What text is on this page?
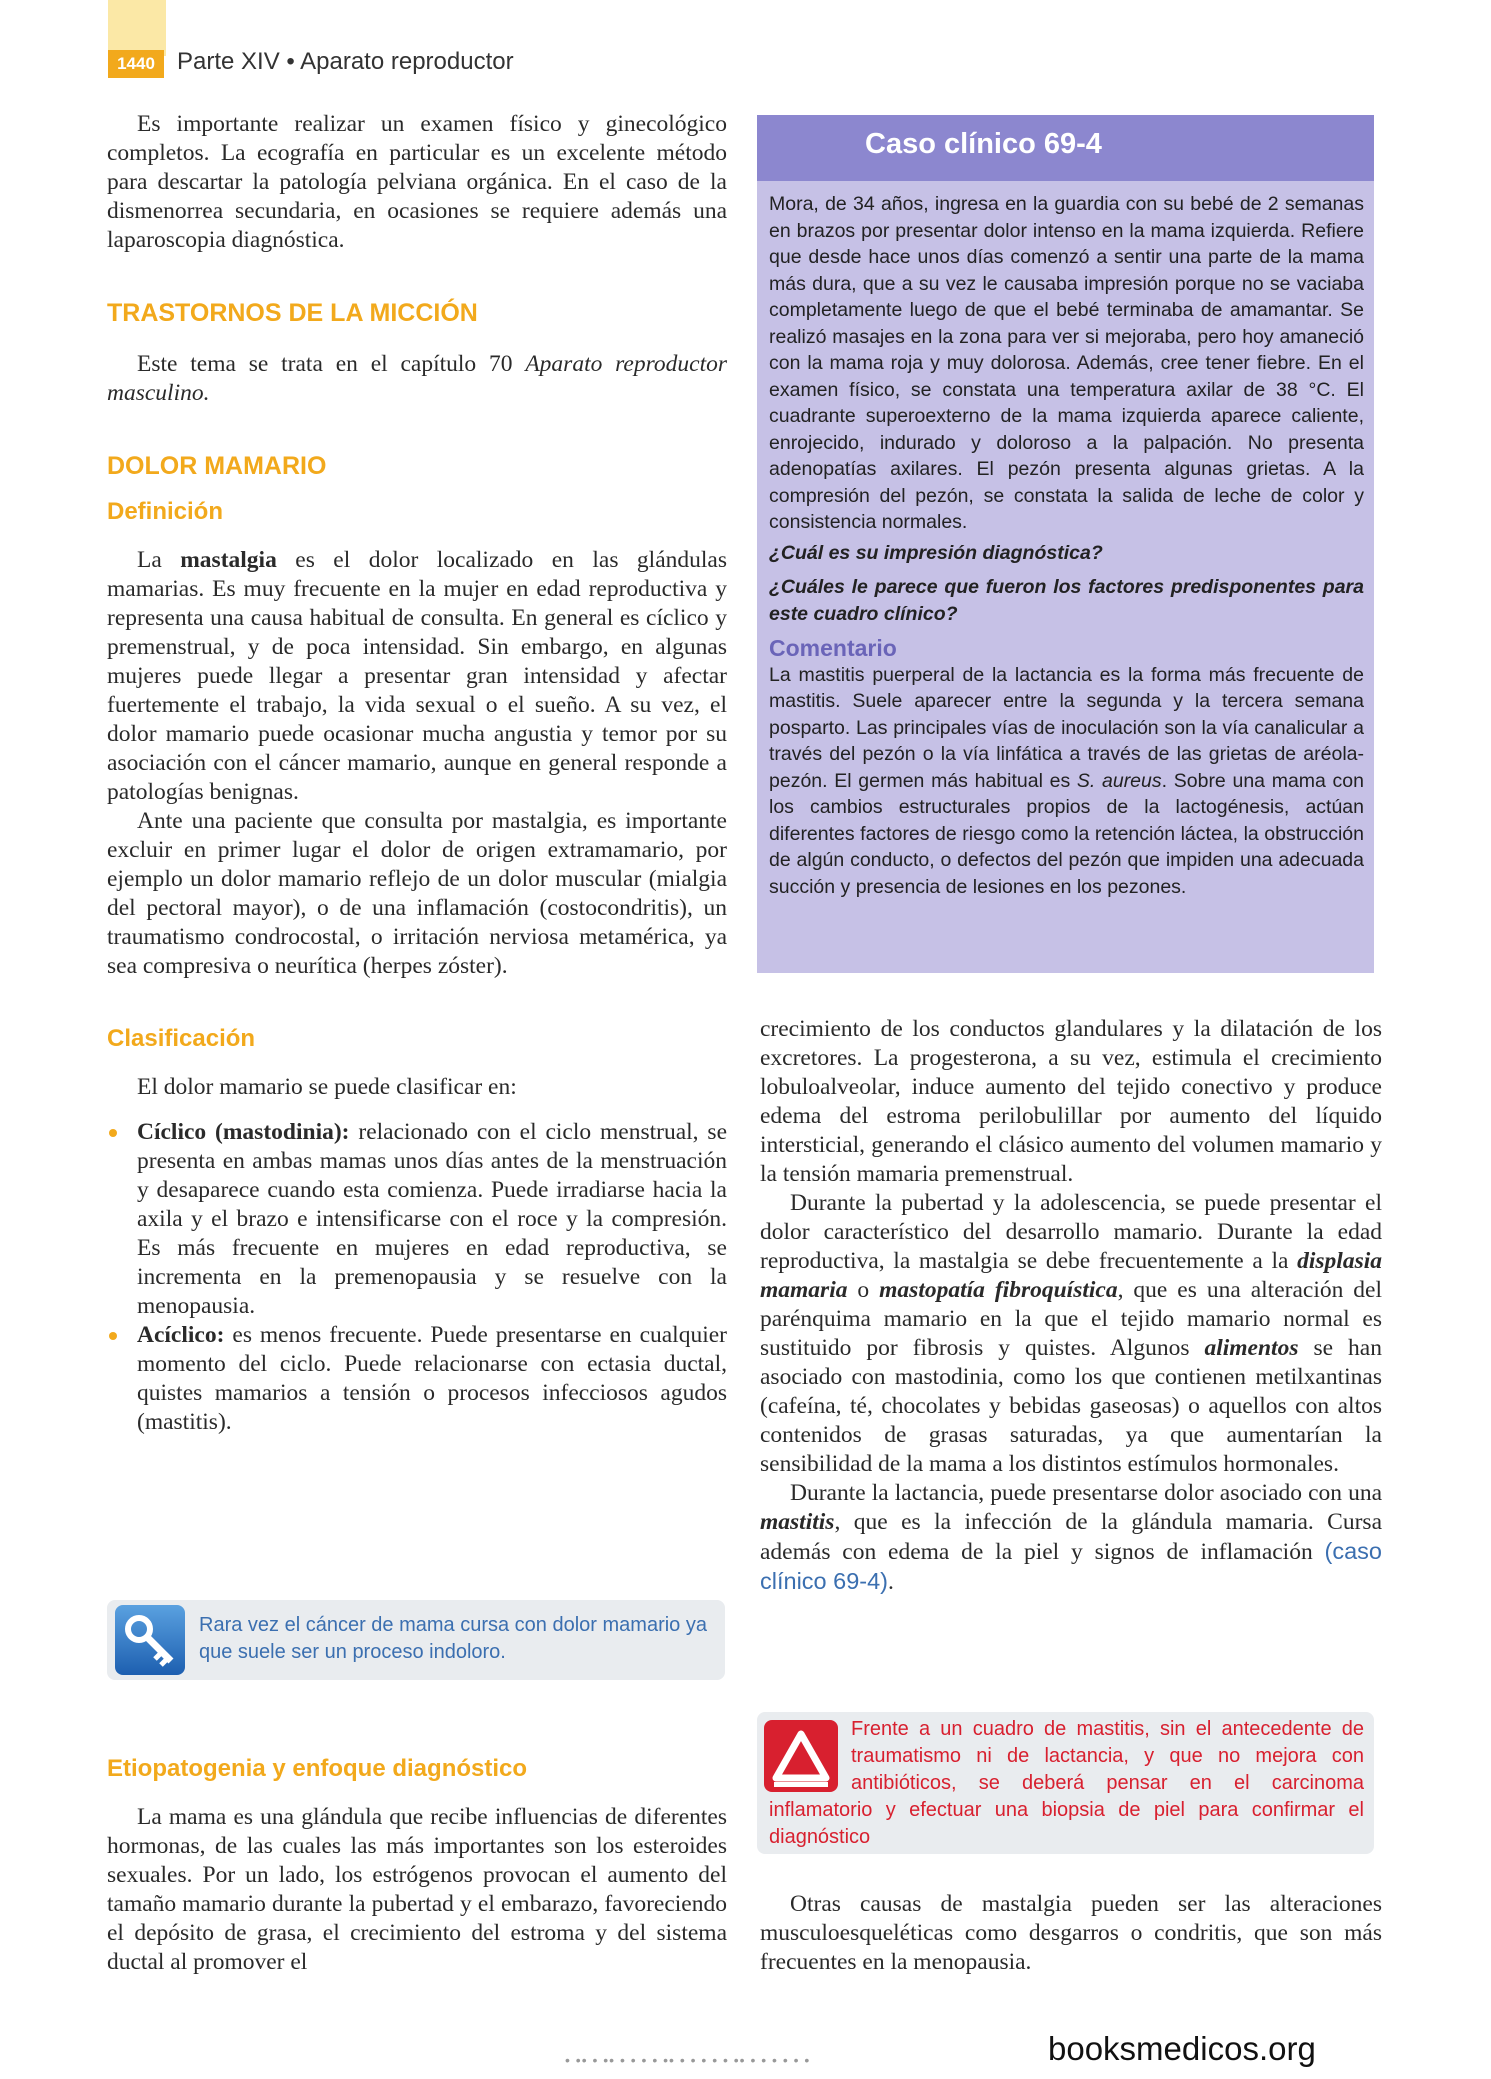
1440 Parte XIV • Aparato reproductor

Es importante realizar un examen físico y ginecológico completos. La ecografía en particular es un excelente método para descartar la patología pelviana orgánica. En el caso de la dismenorrea secundaria, en ocasiones se requiere además una laparoscopia diagnóstica.

TRASTORNOS DE LA MICCIÓN

Este tema se trata en el capítulo 70 Aparato reproductor masculino.

DOLOR MAMARIO
Definición

La mastalgia es el dolor localizado en las glándulas mamarias. Es muy frecuente en la mujer en edad reproductiva y representa una causa habitual de consulta. En general es cíclico y premenstrual, y de poca intensidad. Sin embargo, en algunas mujeres puede llegar a presentar gran intensidad y afectar fuertemente el trabajo, la vida sexual o el sueño. A su vez, el dolor mamario puede ocasionar mucha angustia y temor por su asociación con el cáncer mamario, aunque en general responde a patologías benignas.

Ante una paciente que consulta por mastalgia, es importante excluir en primer lugar el dolor de origen extramamario, por ejemplo un dolor mamario reflejo de un dolor muscular (mialgia del pectoral mayor), o de una inflamación (costocondritis), un traumatismo condrocostal, o irritación nerviosa metamérica, ya sea compresiva o neurítica (herpes zóster).

Clasificación

El dolor mamario se puede clasificar en:

Cíclico (mastodinia): relacionado con el ciclo menstrual, se presenta en ambas mamas unos días antes de la menstruación y desaparece cuando esta comienza. Puede irradiarse hacia la axila y el brazo e intensificarse con el roce y la compresión. Es más frecuente en mujeres en edad reproductiva, se incrementa en la premenopausia y se resuelve con la menopausia.
Acíclico: es menos frecuente. Puede presentarse en cualquier momento del ciclo. Puede relacionarse con ectasia ductal, quistes mamarios a tensión o procesos infecciosos agudos (mastitis).
Rara vez el cáncer de mama cursa con dolor mamario ya que suele ser un proceso indoloro.
Etiopatogenia y enfoque diagnóstico

La mama es una glándula que recibe influencias de diferentes hormonas, de las cuales las más importantes son los esteroides sexuales. Por un lado, los estrógenos provocan el aumento del tamaño mamario durante la pubertad y el embarazo, favoreciendo el depósito de grasa, el crecimiento del estroma y del sistema ductal al promover el

Caso clínico 69-4

Mora, de 34 años, ingresa en la guardia con su bebé de 2 semanas en brazos por presentar dolor intenso en la mama izquierda. Refiere que desde hace unos días comenzó a sentir una parte de la mama más dura, que a su vez le causaba impresión porque no se vaciaba completamente luego de que el bebé terminaba de amamantar. Se realizó masajes en la zona para ver si mejoraba, pero hoy amaneció con la mama roja y muy dolorosa. Además, cree tener fiebre. En el examen físico, se constata una temperatura axilar de 38 °C. El cuadrante superoexterno de la mama izquierda aparece caliente, enrojecido, indurado y doloroso a la palpación. No presenta adenopatías axilares. El pezón presenta algunas grietas. A la compresión del pezón, se constata la salida de leche de color y consistencia normales.

¿Cuál es su impresión diagnóstica?

¿Cuáles le parece que fueron los factores predisponentes para este cuadro clínico?

Comentario

La mastitis puerperal de la lactancia es la forma más frecuente de mastitis. Suele aparecer entre la segunda y la tercera semana posparto. Las principales vías de inoculación son la vía canalicular a través del pezón o la vía linfática a través de las grietas de aréola-pezón. El germen más habitual es S. aureus. Sobre una mama con los cambios estructurales propios de la lactogénesis, actúan diferentes factores de riesgo como la retención láctea, la obstrucción de algún conducto, o defectos del pezón que impiden una adecuada succión y presencia de lesiones en los pezones.

crecimiento de los conductos glandulares y la dilatación de los excretores. La progesterona, a su vez, estimula el crecimiento lobuloalveolar, induce aumento del tejido conectivo y produce edema del estroma perilobulillar por aumento del líquido intersticial, generando el clásico aumento del volumen mamario y la tensión mamaria premenstrual.

Durante la pubertad y la adolescencia, se puede presentar el dolor característico del desarrollo mamario. Durante la edad reproductiva, la mastalgia se debe frecuentemente a la displasia mamaria o mastopatía fibroquística, que es una alteración del parénquima mamario en la que el tejido mamario normal es sustituido por fibrosis y quistes. Algunos alimentos se han asociado con mastodinia, como los que contienen metilxantinas (cafeína, té, chocolates y bebidas gaseosas) o aquellos con altos contenidos de grasas saturadas, ya que aumentarían la sensibilidad de la mama a los distintos estímulos hormonales.

Durante la lactancia, puede presentarse dolor asociado con una mastitis, que es la infección de la glándula mamaria. Cursa además con edema de la piel y signos de inflamación (caso clínico 69-4).

Frente a un cuadro de mastitis, sin el antecedente de traumatismo ni de lactancia, y que no mejora con antibióticos, se deberá pensar en el carcinoma inflamatorio y efectuar una biopsia de piel para confirmar el diagnóstico

Otras causas de mastalgia pueden ser las alteraciones musculoesqueléticas como desgarros o condritis, que son más frecuentes en la menopausia.

• •• • •• • • • • •• • • • • • •• • • • • • •	booksmedicos.org
